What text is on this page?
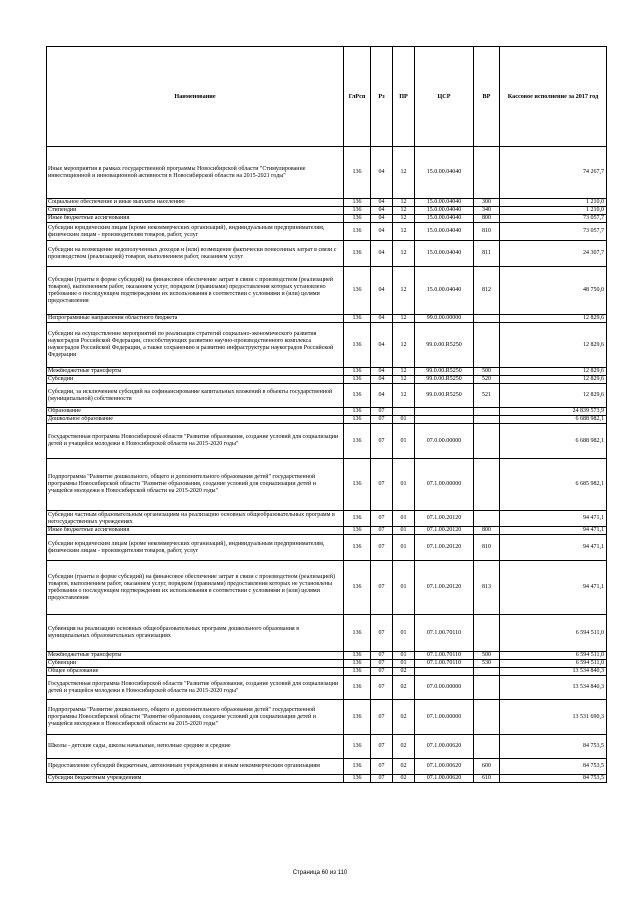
Наименование	ГлРсп	Рз	ПР	ЦСР	ВР	Кассовое исполнение за 2017 год
Иные мероприятия в рамках государственной программы Новосибирской области "Стимулирование инвестиционной и инновационной активности в Новосибирской области на 2015-2021 годы"	136	04	12	15.0.00.04040		74 267,7
Социальное обеспечение и иные выплаты населению	136	04	12	15.0.00.04040	300	1 210,0
Стипендии	136	04	12	15.0.00.04040	340	1 210,0
Иные бюджетные ассигнования	136	04	12	15.0.00.04040	800	73 057,7
Субсидии юридическим лицам (кроме некоммерческих организаций), индивидуальным предпринимателям, физическим лицам - производителям товаров, работ, услуг	136	04	12	15.0.00.04040	810	73 057,7
Субсидии на возмещение недополученных доходов и (или) возмещение фактически понесенных затрат в связи с производством (реализацией) товаров, выполнением работ, оказанием услуг	136	04	12	15.0.00.04040	811	24 307,7
Субсидии (гранты в форме субсидий) на финансовое обеспечение затрат в связи с производством (реализацией товаров), выполнением работ, оказанием услуг, порядком (правилами) предоставления которых установлено требование о последующем подтверждении их использования в соответствии с условиями и (или) целями предоставления	136	04	12	15.0.00.04040	812	48 750,0
Непрограммные направления областного бюджета	136	04	12	99.0.00.00000		12 829,6
Субсидии на осуществление мероприятий по реализации стратегий социально-экономического развития наукоградов Российской Федерации, способствующих развитию научно-производственного комплекса наукоградов Российской Федерации, а также сохранению и развитию инфраструктуры наукоградов Российской Федерации	136	04	12	99.0.00.R5250		12 829,6
Межбюджетные трансферты	136	04	12	99.0.00.R5250	500	12 829,6
Субсидии	136	04	12	99.0.00.R5250	520	12 829,6
Субсидии, за исключением субсидий на софинансирование капитальных вложений в объекты государственной (муниципальной) собственности	136	04	12	99.0.00.R5250	521	12 829,6
Образование	136	07				24 839 573,9
Дошкольное образование	136	07	01			6 688 982,1
Государственная программа Новосибирской области "Развитие образования, создание условий для социализации детей и учащейся молодежи в Новосибирской области на 2015-2020 годы"	136	07	01	07.0.00.00000		6 688 982,1
Подпрограмма "Развитие дошкольного, общего и дополнительного образования детей" государственной программы Новосибирской области "Развитие образования, создание условий для социализации детей и учащейся молодежи в Новосибирской области на 2015-2020 годы"	136	07	01	07.1.00.00000		6 685 982,1
Субсидии частным образовательным организациям на реализацию основных общеобразовательных программ в негосударственных учреждениях	136	07	01	07.1.00.20120		94 471,1
Иные бюджетные ассигнования	136	07	01	07.1.00.20120	800	94 471,1
Субсидии юридическим лицам (кроме некоммерческих организаций), индивидуальным предпринимателям, физическим лицам - производителям товаров, работ, услуг	136	07	01	07.1.00.20120	810	94 471,1
Субсидии (гранты в форме субсидий) на финансовое обеспечение затрат в связи с производством (реализацией) товаров, выполнением работ, оказанием услуг, порядком (правилами) предоставления которых не установлены требования о последующем подтверждении их использования в соответствии с условиями и (или) целями предоставления	136	07	01	07.1.00.20120	813	94 471,1
Субвенция на реализацию основных общеобразовательных программ дошкольного образования в муниципальных образовательных организациях	136	07	01	07.1.00.70110		6 594 511,0
Межбюджетные трансферты	136	07	01	07.1.00.70110	500	6 594 511,0
Субвенции	136	07	01	07.1.00.70110	530	6 594 511,0
Общее образование	136	07	02			13 534 840,3
Государственная программа Новосибирской области "Развитие образования, создание условий для социализации детей и учащейся молодежи в Новосибирской области на 2015-2020 годы"	136	07	02	07.0.00.00000		13 534 840,3
Подпрограмма "Развитие дошкольного, общего и дополнительного образования детей" государственной программы Новосибирской области "Развитие образования, создание условий для социализации детей и учащейся молодежи в Новосибирской области на 2015-2020 годы"	136	07	02	07.1.00.00000		13 531 690,3
Школы - детские сады, школы начальные, неполные средние и средние	136	07	02	07.1.00.00620		84 753,5
Предоставление субсидий бюджетным, автономным учреждениям и иным некоммерческим организациям	136	07	02	07.1.00.00620	600	84 753,5
Субсидии бюджетным учреждениям	136	07	02	07.1.00.00620	610	84 753,5
Страница 60 из 110
